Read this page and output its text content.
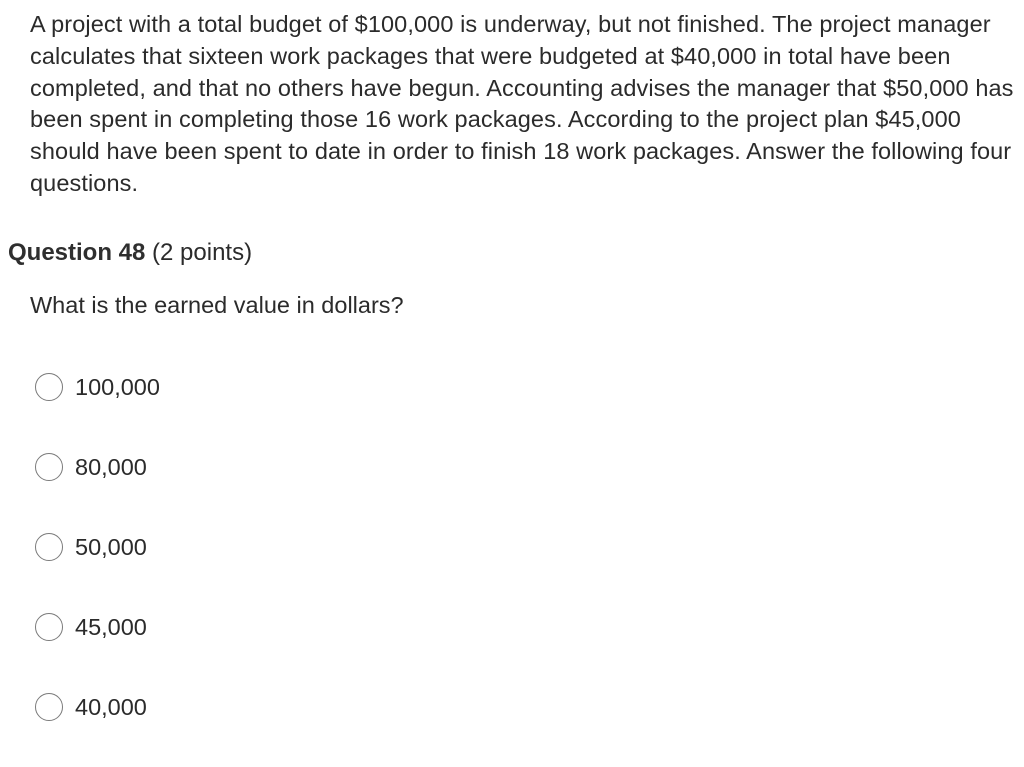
A project with a total budget of $100,000 is underway, but not finished. The project manager calculates that sixteen work packages that were budgeted at $40,000 in total have been completed, and that no others have begun. Accounting advises the manager that $50,000 has been spent in completing those 16 work packages. According to the project plan $45,000 should have been spent to date in order to finish 18 work packages. Answer the following four questions.

Question 48 (2 points)
What is the earned value in dollars?
100,000
80,000
50,000
45,000
40,000
